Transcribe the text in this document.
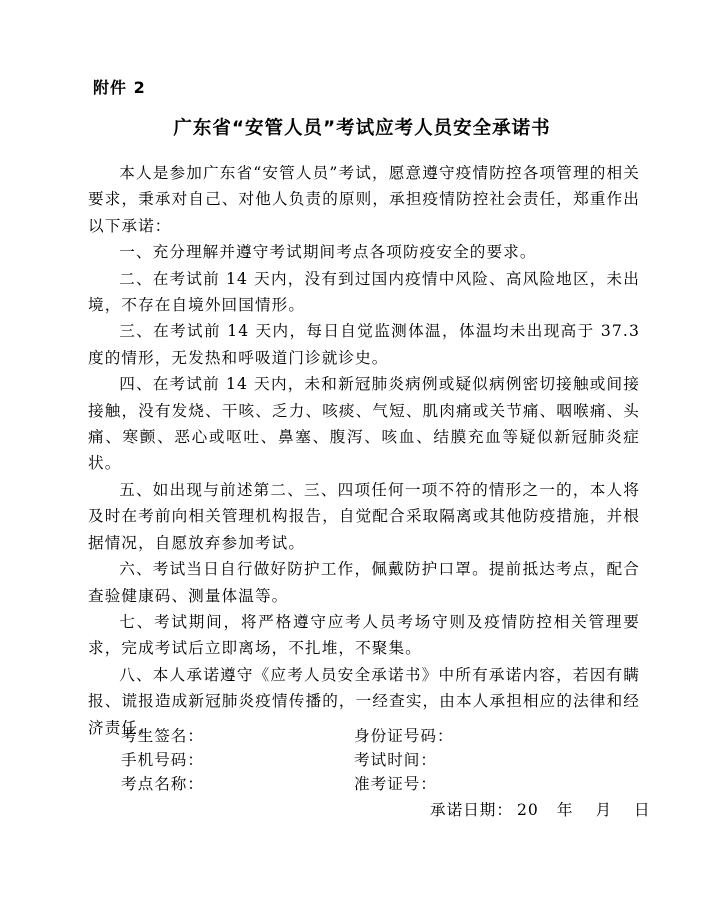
附件 2
广东省“安管人员”考试应考人员安全承诺书

本人是参加广东省“安管人员”考试，愿意遵守疫情防控各项管理的相关要求，秉承对自己、对他人负责的原则，承担疫情防控社会责任，郑重作出以下承诺：

一、充分理解并遵守考试期间考点各项防疫安全的要求。

二、在考试前 14 天内，没有到过国内疫情中风险、高风险地区，未出境，不存在自境外回国情形。

三、在考试前 14 天内，每日自觉监测体温，体温均未出现高于 37.3 度的情形，无发热和呼吸道门诊就诊史。

四、在考试前 14 天内，未和新冠肺炎病例或疑似病例密切接触或间接接触，没有发烧、干咳、乏力、咳痰、气短、肌肉痛或关节痛、咽喉痛、头痛、寒颤、恶心或呕吐、鼻塞、腹泻、咳血、结膜充血等疑似新冠肺炎症状。

五、如出现与前述第二、三、四项任何一项不符的情形之一的，本人将及时在考前向相关管理机构报告，自觉配合采取隔离或其他防疫措施，并根据情况，自愿放弃参加考试。

六、考试当日自行做好防护工作，佩戴防护口罩。提前抵达考点，配合查验健康码、测量体温等。

七、考试期间，将严格遵守应考人员考场守则及疫情防控相关管理要求，完成考试后立即离场，不扎堆，不聚集。

八、本人承诺遵守《应考人员安全承诺书》中所有承诺内容，若因有瞒报、谎报造成新冠肺炎疫情传播的，一经查实，由本人承担相应的法律和经济责任。

考生签名：	身份证号码：
手机号码：	考试时间：
考点名称：	准考证号：
承诺日期： 20 年 月 日
